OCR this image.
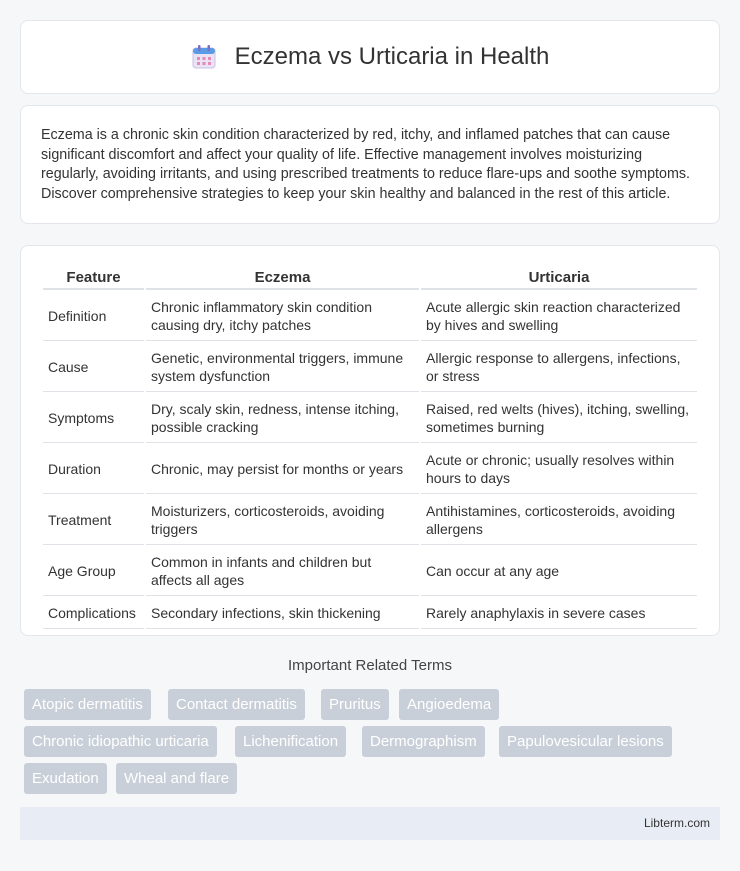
Eczema vs Urticaria in Health

Eczema is a chronic skin condition characterized by red, itchy, and inflamed patches that can cause significant discomfort and affect your quality of life. Effective management involves moisturizing regularly, avoiding irritants, and using prescribed treatments to reduce flare-ups and soothe symptoms. Discover comprehensive strategies to keep your skin healthy and balanced in the rest of this article.

Feature	Eczema	Urticaria
Definition	Chronic inflammatory skin condition causing dry, itchy patches	Acute allergic skin reaction characterized by hives and swelling
Cause	Genetic, environmental triggers, immune system dysfunction	Allergic response to allergens, infections, or stress
Symptoms	Dry, scaly skin, redness, intense itching, possible cracking	Raised, red welts (hives), itching, swelling, sometimes burning
Duration	Chronic, may persist for months or years	Acute or chronic; usually resolves within hours to days
Treatment	Moisturizers, corticosteroids, avoiding triggers	Antihistamines, corticosteroids, avoiding allergens
Age Group	Common in infants and children but affects all ages	Can occur at any age
Complications	Secondary infections, skin thickening	Rarely anaphylaxis in severe cases
Important Related Terms
Atopic dermatitis	Contact dermatitis	Pruritus	Angioedema
Chronic idiopathic urticaria	Lichenification	Dermographism	Papulovesicular lesions
Exudation	Wheal and flare
Libterm.com
